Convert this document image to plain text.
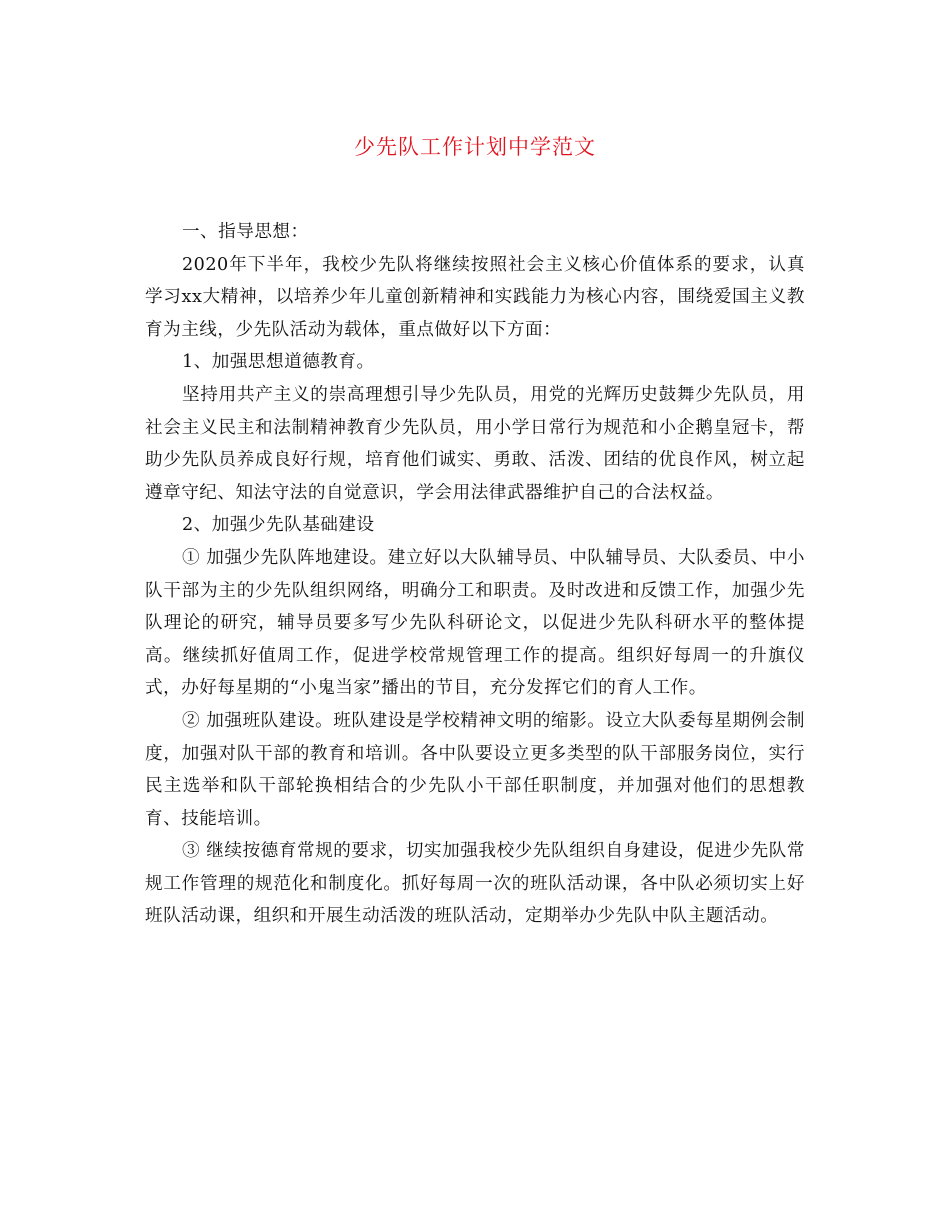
少先队工作计划中学范文

一、指导思想：

2020年下半年，我校少先队将继续按照社会主义核心价值体系的要求，认真学习xx大精神，以培养少年儿童创新精神和实践能力为核心内容，围绕爱国主义教育为主线，少先队活动为载体，重点做好以下方面：

1、加强思想道德教育。

坚持用共产主义的崇高理想引导少先队员，用党的光辉历史鼓舞少先队员，用社会主义民主和法制精神教育少先队员，用小学日常行为规范和小企鹅皇冠卡，帮助少先队员养成良好行规，培育他们诚实、勇敢、活泼、团结的优良作风，树立起遵章守纪、知法守法的自觉意识，学会用法律武器维护自己的合法权益。

2、加强少先队基础建设

① 加强少先队阵地建设。建立好以大队辅导员、中队辅导员、大队委员、中小队干部为主的少先队组织网络，明确分工和职责。及时改进和反馈工作，加强少先队理论的研究，辅导员要多写少先队科研论文，以促进少先队科研水平的整体提高。继续抓好值周工作，促进学校常规管理工作的提高。组织好每周一的升旗仪式，办好每星期的“小鬼当家”播出的节目，充分发挥它们的育人工作。

② 加强班队建设。班队建设是学校精神文明的缩影。设立大队委每星期例会制度，加强对队干部的教育和培训。各中队要设立更多类型的队干部服务岗位，实行民主选举和队干部轮换相结合的少先队小干部任职制度，并加强对他们的思想教育、技能培训。

③ 继续按德育常规的要求，切实加强我校少先队组织自身建设，促进少先队常规工作管理的规范化和制度化。抓好每周一次的班队活动课，各中队必须切实上好班队活动课，组织和开展生动活泼的班队活动，定期举办少先队中队主题活动。
